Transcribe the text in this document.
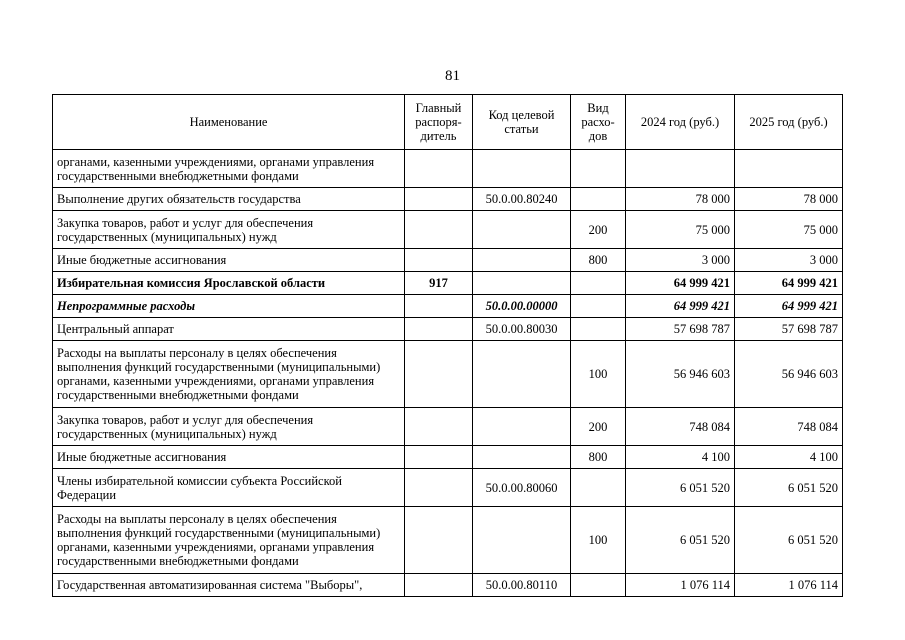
81
Наименование	Главный распоря-дитель	Код целевой статьи	Вид расхо-дов	2024 год (руб.)	2025 год (руб.)
органами, казенными учреждениями, органами управления государственными внебюджетными фондами					
Выполнение других обязательств государства		50.0.00.80240		78 000	78 000
Закупка товаров, работ и услуг для обеспечения государственных (муниципальных) нужд			200	75 000	75 000
Иные бюджетные ассигнования			800	3 000	3 000
Избирательная комиссия Ярославской области	917			64 999 421	64 999 421
Непрограммные расходы		50.0.00.00000		64 999 421	64 999 421
Центральный аппарат		50.0.00.80030		57 698 787	57 698 787
Расходы на выплаты персоналу в целях обеспечения выполнения функций государственными (муниципальными) органами, казенными учреждениями, органами управления государственными внебюджетными фондами			100	56 946 603	56 946 603
Закупка товаров, работ и услуг для обеспечения государственных (муниципальных) нужд			200	748 084	748 084
Иные бюджетные ассигнования			800	4 100	4 100
Члены избирательной комиссии субъекта Российской Федерации		50.0.00.80060		6 051 520	6 051 520
Расходы на выплаты персоналу в целях обеспечения выполнения функций государственными (муниципальными) органами, казенными учреждениями, органами управления государственными внебюджетными фондами			100	6 051 520	6 051 520
Государственная автоматизированная система "Выборы",		50.0.00.80110		1 076 114	1 076 114
